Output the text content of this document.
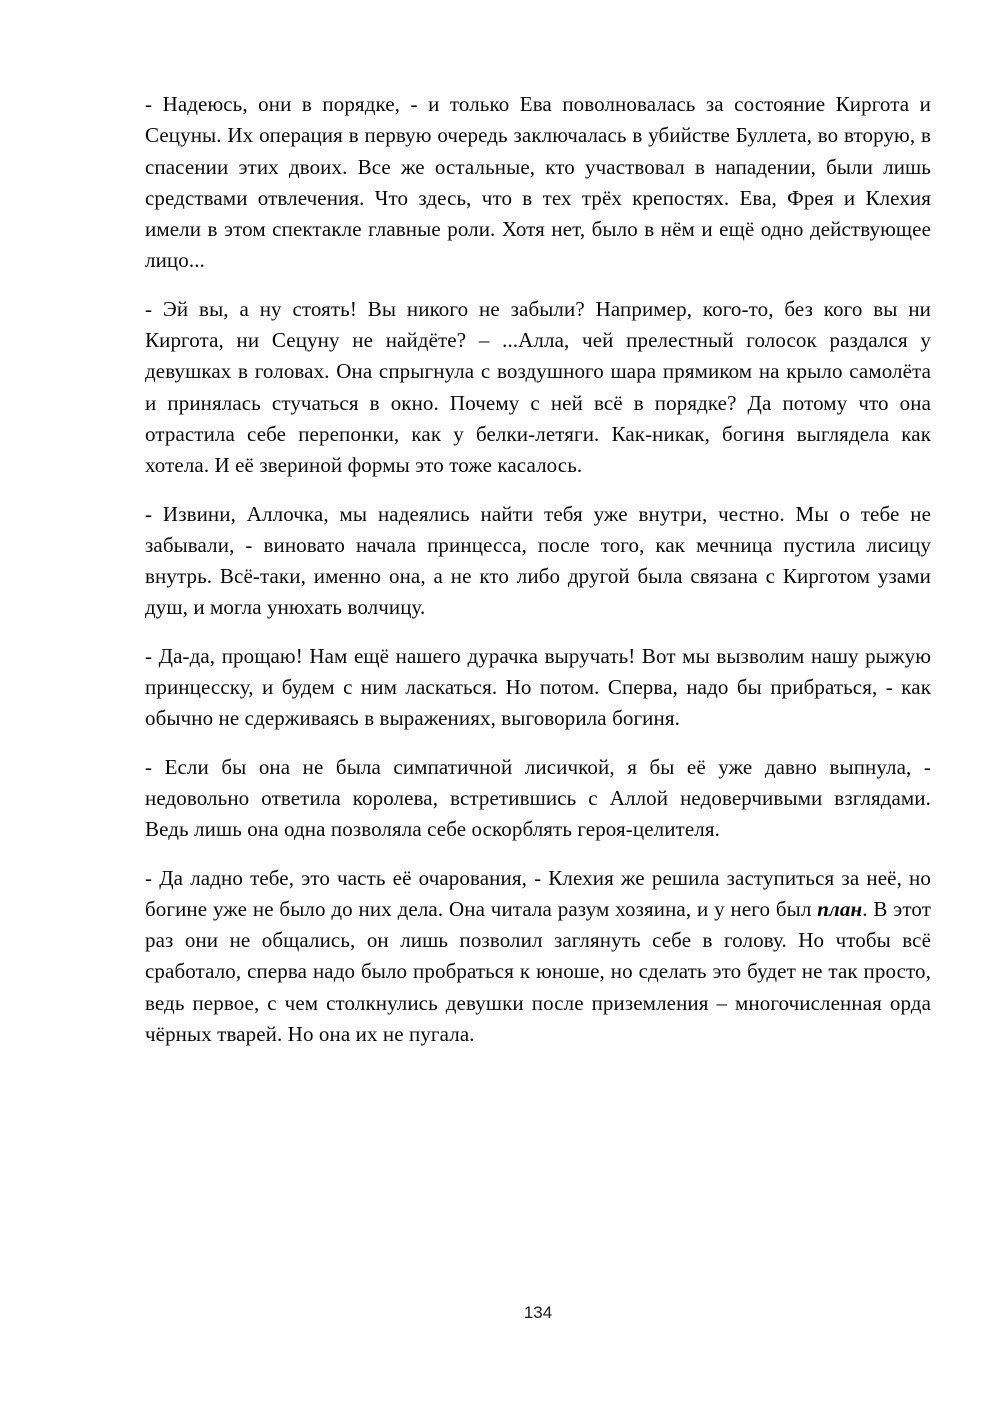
- Надеюсь, они в порядке, - и только Ева поволновалась за состояние Киргота и Сецуны. Их операция в первую очередь заключалась в убийстве Буллета, во вторую, в спасении этих двоих. Все же остальные, кто участвовал в нападении, были лишь средствами отвлечения. Что здесь, что в тех трёх крепостях. Ева, Фрея и Клехия имели в этом спектакле главные роли. Хотя нет, было в нём и ещё одно действующее лицо...

- Эй вы, а ну стоять! Вы никого не забыли? Например, кого-то, без кого вы ни Киргота, ни Сецуну не найдёте? – ...Алла, чей прелестный голосок раздался у девушках в головах. Она спрыгнула с воздушного шара прямиком на крыло самолёта и принялась стучаться в окно. Почему с ней всё в порядке? Да потому что она отрастила себе перепонки, как у белки-летяги. Как-никак, богиня выглядела как хотела. И её звериной формы это тоже касалось.

- Извини, Аллочка, мы надеялись найти тебя уже внутри, честно. Мы о тебе не забывали, - виновато начала принцесса, после того, как мечница пустила лисицу внутрь. Всё-таки, именно она, а не кто либо другой была связана с Кирготом узами душ, и могла унюхать волчицу.

- Да-да, прощаю! Нам ещё нашего дурачка выручать! Вот мы вызволим нашу рыжую принцесску, и будем с ним ласкаться. Но потом. Сперва, надо бы прибраться, - как обычно не сдерживаясь в выражениях, выговорила богиня.

- Если бы она не была симпатичной лисичкой, я бы её уже давно выпнула, - недовольно ответила королева, встретившись с Аллой недоверчивыми взглядами. Ведь лишь она одна позволяла себе оскорблять героя-целителя.

- Да ладно тебе, это часть её очарования, - Клехия же решила заступиться за неё, но богине уже не было до них дела. Она читала разум хозяина, и у него был план. В этот раз они не общались, он лишь позволил заглянуть себе в голову. Но чтобы всё сработало, сперва надо было пробраться к юноше, но сделать это будет не так просто, ведь первое, с чем столкнулись девушки после приземления – многочисленная орда чёрных тварей. Но она их не пугала.

134
